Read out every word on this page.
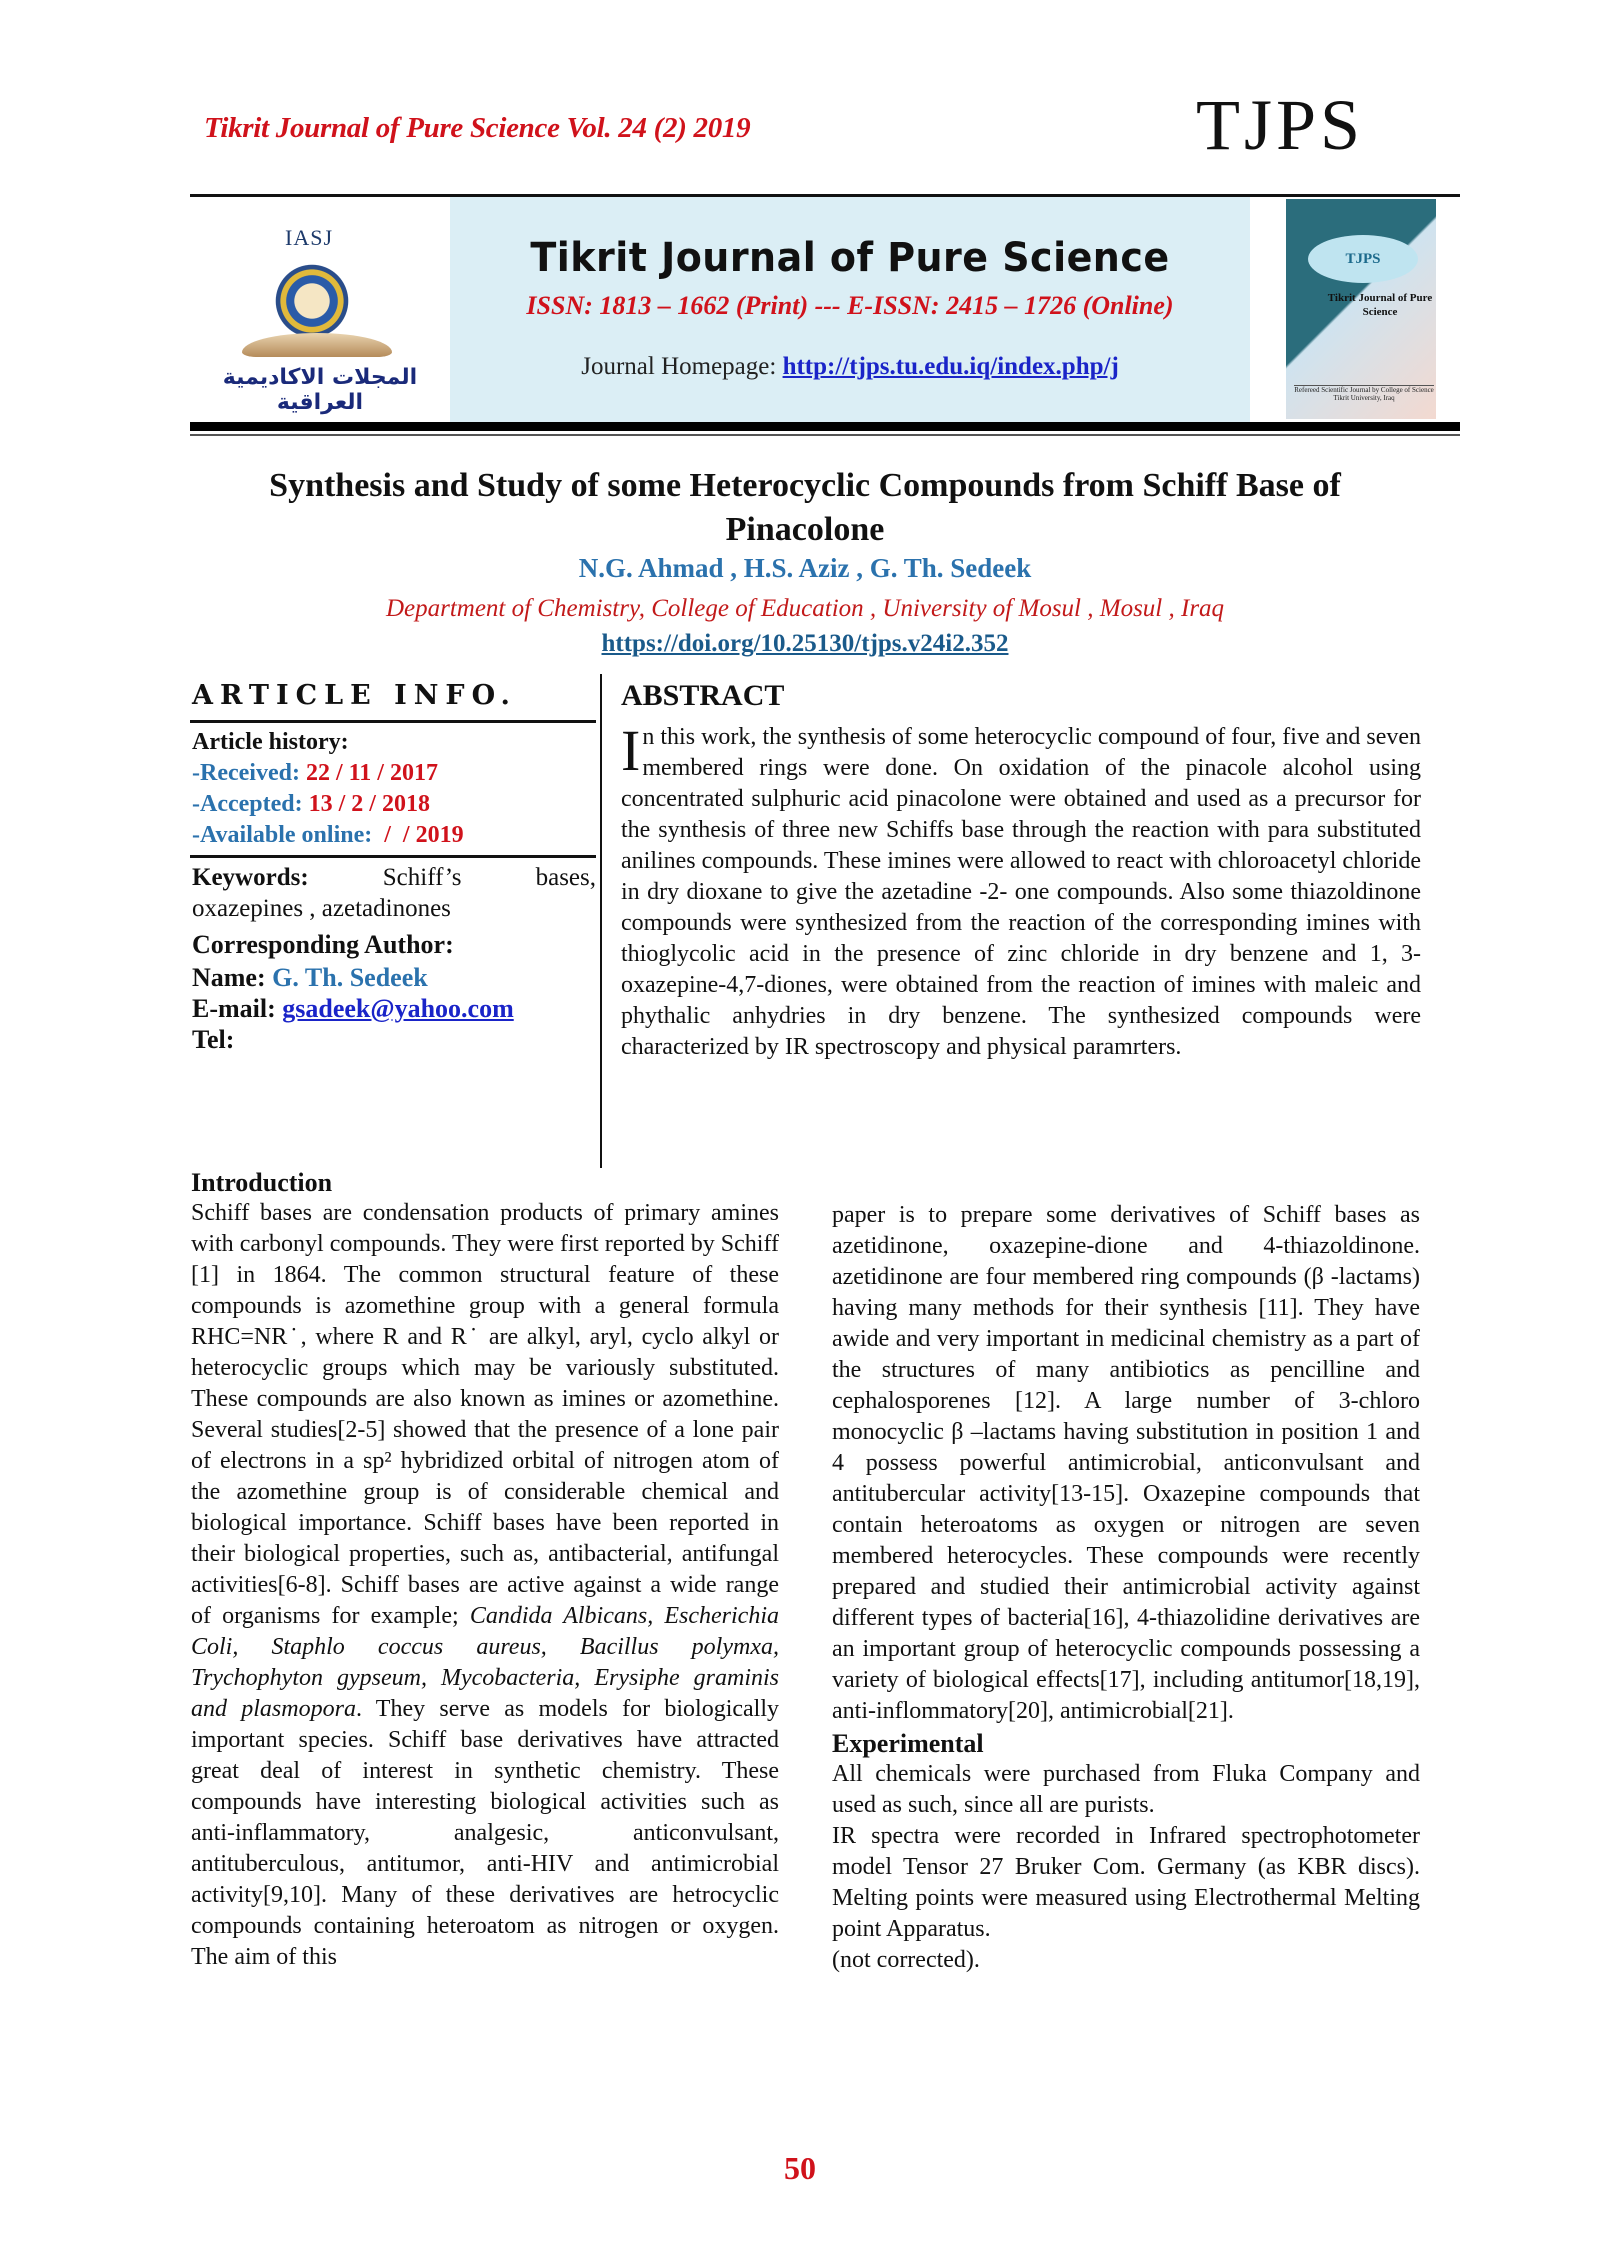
Tikrit Journal of Pure Science Vol. 24 (2) 2019	TJPS
IASJ
المجلات الاكاديمية العراقية
Tikrit Journal of Pure Science
ISSN: 1813 – 1662 (Print) --- E-ISSN: 2415 – 1726 (Online)
Journal Homepage: http://tjps.tu.edu.iq/index.php/j
TJPS
Tikrit Journal of Pure Science
Refereed Scientific Journal by College of Science Tikrit University, Iraq
Synthesis and Study of some Heterocyclic Compounds from Schiff Base of Pinacolone
N.G. Ahmad , H.S. Aziz , G. Th. Sedeek
Department of Chemistry, College of Education , University of Mosul , Mosul , Iraq
https://doi.org/10.25130/tjps.v24i2.352
ARTICLE INFO.
Article history:
-Received: 22 / 11 / 2017
-Accepted: 13 / 2 / 2018
-Available online:  /  / 2019
Keywords:	Schiff’s bases,
oxazepines , azetadinones
Corresponding Author:
Name: G. Th. Sedeek
E-mail: gsadeek@yahoo.com
Tel:
ABSTRACT
In this work, the synthesis of some heterocyclic compound of four, five and seven membered rings were done. On oxidation of the pinacole alcohol using concentrated sulphuric acid pinacolone were obtained and used as a precursor for the synthesis of three new Schiffs base through the reaction with para substituted anilines compounds. These imines were allowed to react with chloroacetyl chloride in dry dioxane to give the azetadine -2- one compounds. Also some thiazoldinone compounds were synthesized from the reaction of the corresponding imines with thioglycolic acid in the presence of zinc chloride in dry benzene and 1, 3-oxazepine-4,7-diones, were obtained from the reaction of imines with maleic and phythalic anhydries in dry benzene. The synthesized compounds were characterized by IR spectroscopy and physical paramrters.
Introduction

Schiff bases are condensation products of primary amines with carbonyl compounds. They were first reported by Schiff [1] in 1864. The common structural feature of these compounds is azomethine group with a general formula RHC=NR˙, where R and R˙ are alkyl, aryl, cyclo alkyl or heterocyclic groups which may be variously substituted. These compounds are also known as imines or azomethine. Several studies[2-5] showed that the presence of a lone pair of electrons in a sp² hybridized orbital of nitrogen atom of the azomethine group is of considerable chemical and biological importance. Schiff bases have been reported in their biological properties, such as, antibacterial, antifungal activities[6-8]. Schiff bases are active against a wide range of organisms for example; Candida Albicans, Escherichia Coli, Staphlo coccus aureus, Bacillus polymxa, Trychophyton gypseum, Mycobacteria, Erysiphe graminis and plasmopora. They serve as models for biologically important species. Schiff base derivatives have attracted great deal of interest in synthetic chemistry. These compounds have interesting biological activities such as anti-inflammatory, analgesic, anticonvulsant, antituberculous, antitumor, anti-HIV and antimicrobial activity[9,10]. Many of these derivatives are hetrocyclic compounds containing heteroatom as nitrogen or oxygen. The aim of this

paper is to prepare some derivatives of Schiff bases as azetidinone, oxazepine-dione and 4-thiazoldinone. azetidinone are four membered ring compounds (β -lactams) having many methods for their synthesis [11]. They have awide and very important in medicinal chemistry as a part of the structures of many antibiotics as pencilline and cephalosporenes [12]. A large number of 3-chloro monocyclic β –lactams having substitution in position 1 and 4 possess powerful antimicrobial, anticonvulsant and antitubercular activity[13-15]. Oxazepine compounds that contain heteroatoms as oxygen or nitrogen are seven membered heterocycles. These compounds were recently prepared and studied their antimicrobial activity against different types of bacteria[16], 4-thiazolidine derivatives are an important group of heterocyclic compounds possessing a variety of biological effects[17], including antitumor[18,19], anti-inflommatory[20], antimicrobial[21].

Experimental

All chemicals were purchased from Fluka Company and used as such, since all are purists.

IR spectra were recorded in Infrared spectrophotometer model Tensor 27 Bruker Com. Germany (as KBR discs). Melting points were measured using Electrothermal Melting point Apparatus.

(not corrected).

50
